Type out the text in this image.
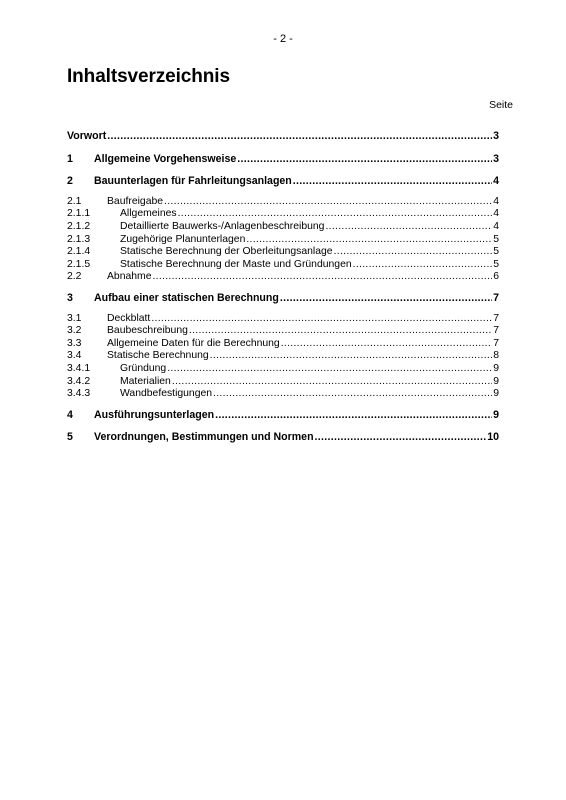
- 2 -
Inhaltsverzeichnis
Seite
Vorwort .....	3
1	Allgemeine Vorgehensweise .....	3
2	Bauunterlagen für Fahrleitungsanlagen .....	4
2.1	Baufreigabe .....	4
2.1.1	Allgemeines .....	4
2.1.2	Detaillierte Bauwerks-/Anlagenbeschreibung .....	4
2.1.3	Zugehörige Planunterlagen .....	5
2.1.4	Statische Berechnung der Oberleitungsanlage .....	5
2.1.5	Statische Berechnung der Maste und Gründungen .....	5
2.2	Abnahme .....	6
3	Aufbau einer statischen Berechnung .....	7
3.1	Deckblatt .....	7
3.2	Baubeschreibung .....	7
3.3	Allgemeine Daten für die Berechnung .....	7
3.4	Statische Berechnung .....	8
3.4.1	Gründung .....	9
3.4.2	Materialien .....	9
3.4.3	Wandbefestigungen .....	9
4	Ausführungsunterlagen .....	9
5	Verordnungen, Bestimmungen und Normen .....	10
